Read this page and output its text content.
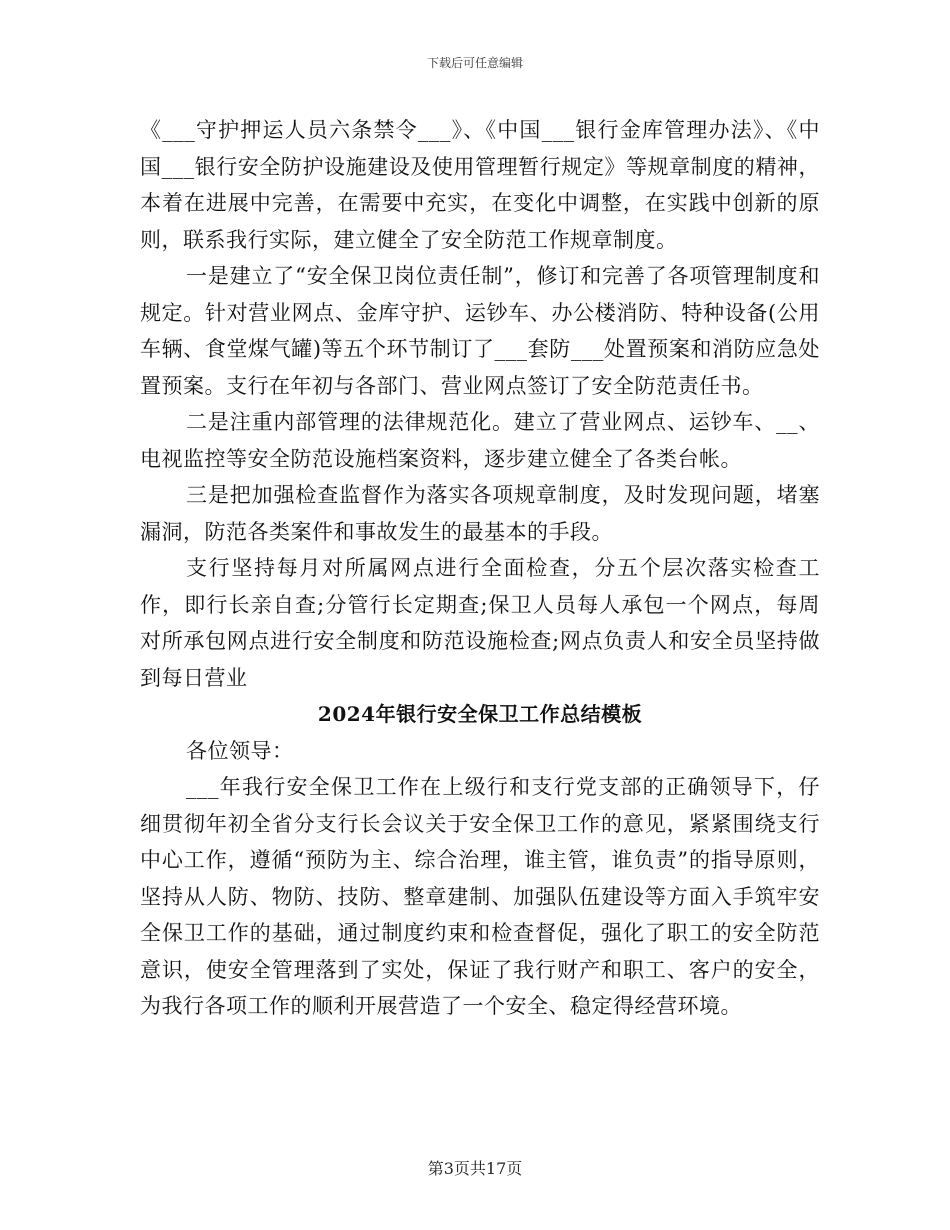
下载后可任意编辑

《___守护押运人员六条禁令___》、《中国___银行金库管理办法》、《中国___银行安全防护设施建设及使用管理暂行规定》等规章制度的精神，本着在进展中完善，在需要中充实，在变化中调整，在实践中创新的原则，联系我行实际，建立健全了安全防范工作规章制度。

一是建立了“安全保卫岗位责任制”，修订和完善了各项管理制度和规定。针对营业网点、金库守护、运钞车、办公楼消防、特种设备(公用车辆、食堂煤气罐)等五个环节制订了___套防___处置预案和消防应急处置预案。支行在年初与各部门、营业网点签订了安全防范责任书。

二是注重内部管理的法律规范化。建立了营业网点、运钞车、__、电视监控等安全防范设施档案资料，逐步建立健全了各类台帐。

三是把加强检查监督作为落实各项规章制度，及时发现问题，堵塞漏洞，防范各类案件和事故发生的最基本的手段。

支行坚持每月对所属网点进行全面检查，分五个层次落实检查工作，即行长亲自查;分管行长定期查;保卫人员每人承包一个网点，每周对所承包网点进行安全制度和防范设施检查;网点负责人和安全员坚持做到每日营业

2024年银行安全保卫工作总结模板

各位领导：

___年我行安全保卫工作在上级行和支行党支部的正确领导下，仔细贯彻年初全省分支行长会议关于安全保卫工作的意见，紧紧围绕支行中心工作，遵循“预防为主、综合治理，谁主管，谁负责”的指导原则，坚持从人防、物防、技防、整章建制、加强队伍建设等方面入手筑牢安全保卫工作的基础，通过制度约束和检查督促，强化了职工的安全防范意识，使安全管理落到了实处，保证了我行财产和职工、客户的安全，为我行各项工作的顺利开展营造了一个安全、稳定得经营环境。

第3页共17页
